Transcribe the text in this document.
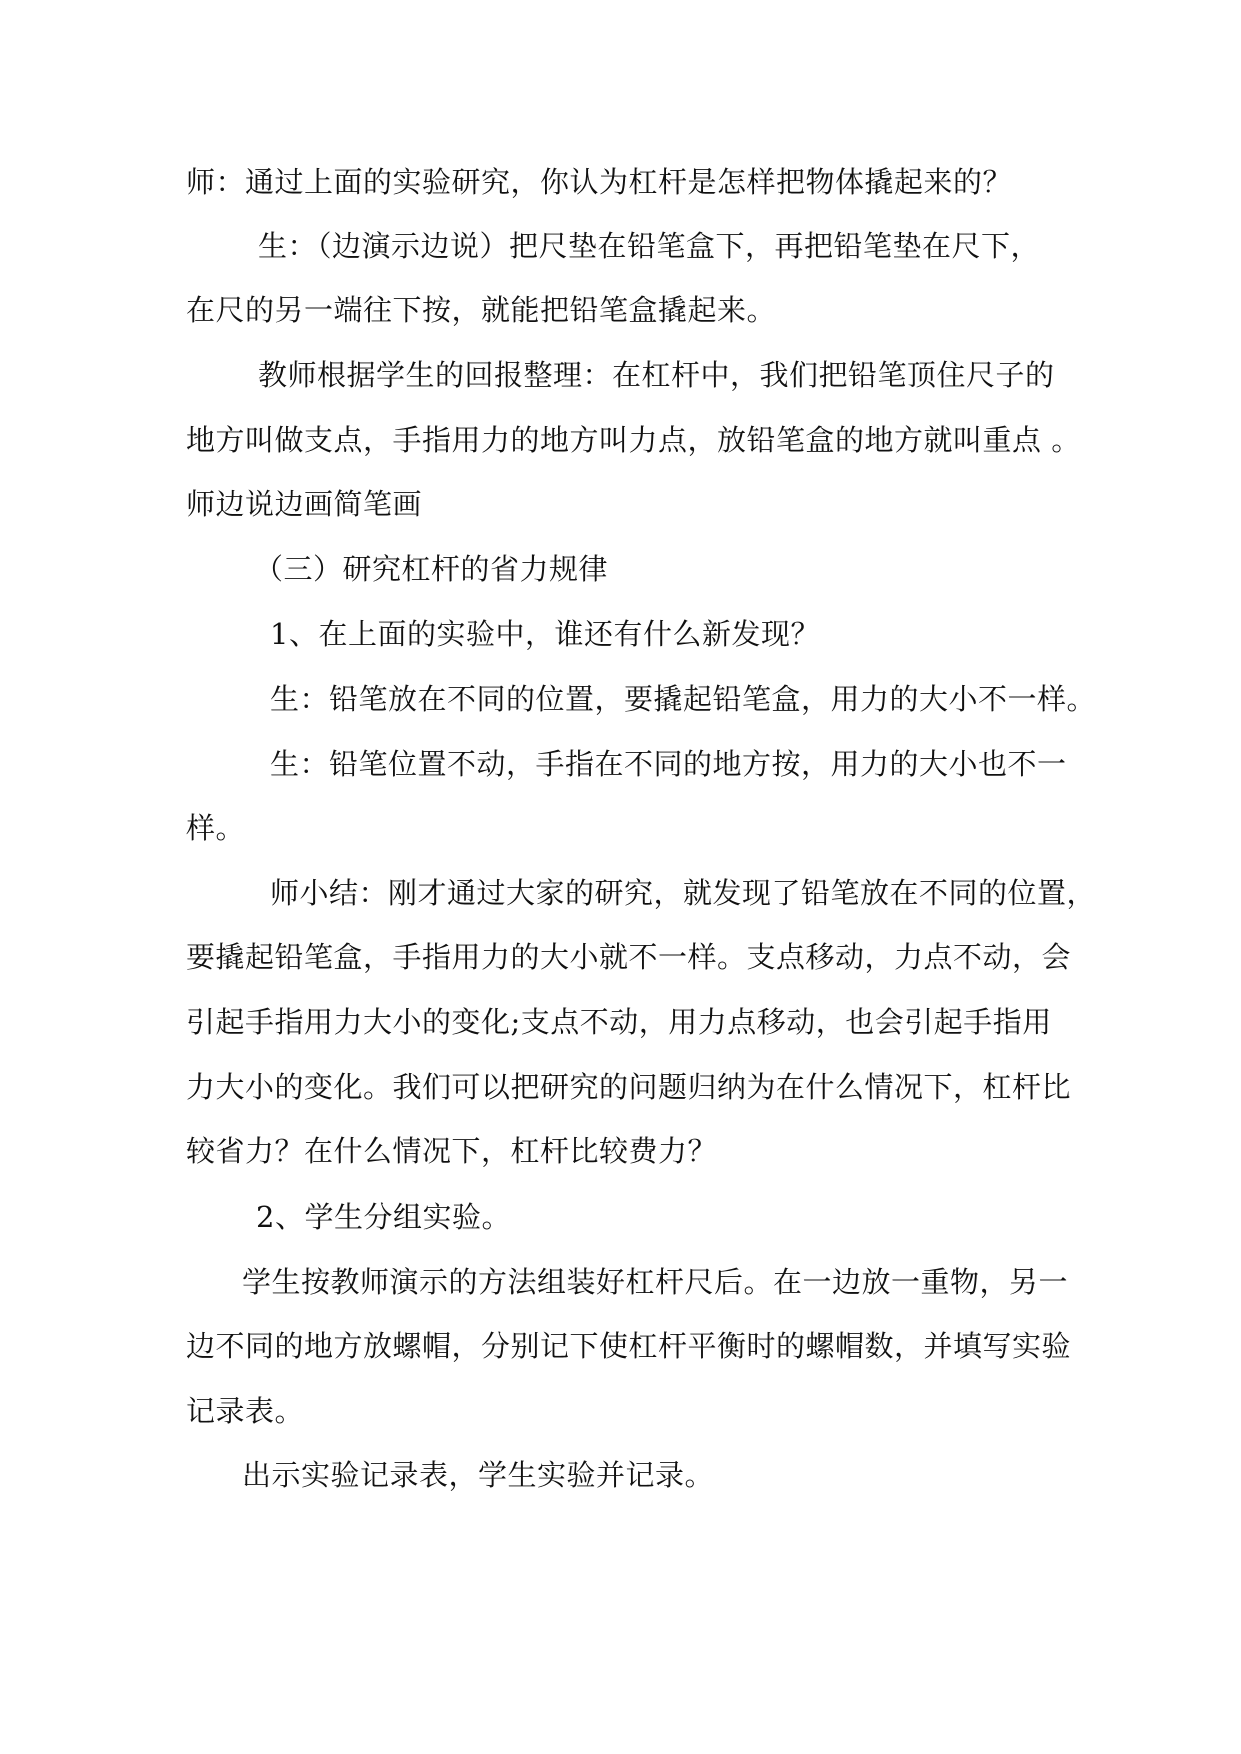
师：通过上面的实验研究，你认为杠杆是怎样把物体撬起来的？

生：（边演示边说）把尺垫在铅笔盒下，再把铅笔垫在尺下，

在尺的另一端往下按，就能把铅笔盒撬起来。

教师根据学生的回报整理：在杠杆中，我们把铅笔顶住尺子的

地方叫做支点，手指用力的地方叫力点，放铅笔盒的地方就叫重点 。

师边说边画简笔画

（三）研究杠杆的省力规律

1、在上面的实验中，谁还有什么新发现？

生：铅笔放在不同的位置，要撬起铅笔盒，用力的大小不一样。

生：铅笔位置不动，手指在不同的地方按，用力的大小也不一

样。

师小结：刚才通过大家的研究，就发现了铅笔放在不同的位置，

要撬起铅笔盒，手指用力的大小就不一样。支点移动，力点不动，会

引起手指用力大小的变化;支点不动，用力点移动，也会引起手指用

力大小的变化。我们可以把研究的问题归纳为在什么情况下，杠杆比

较省力？在什么情况下，杠杆比较费力？

2、学生分组实验。

学生按教师演示的方法组装好杠杆尺后。在一边放一重物，另一

边不同的地方放螺帽，分别记下使杠杆平衡时的螺帽数，并填写实验

记录表。

出示实验记录表，学生实验并记录。
